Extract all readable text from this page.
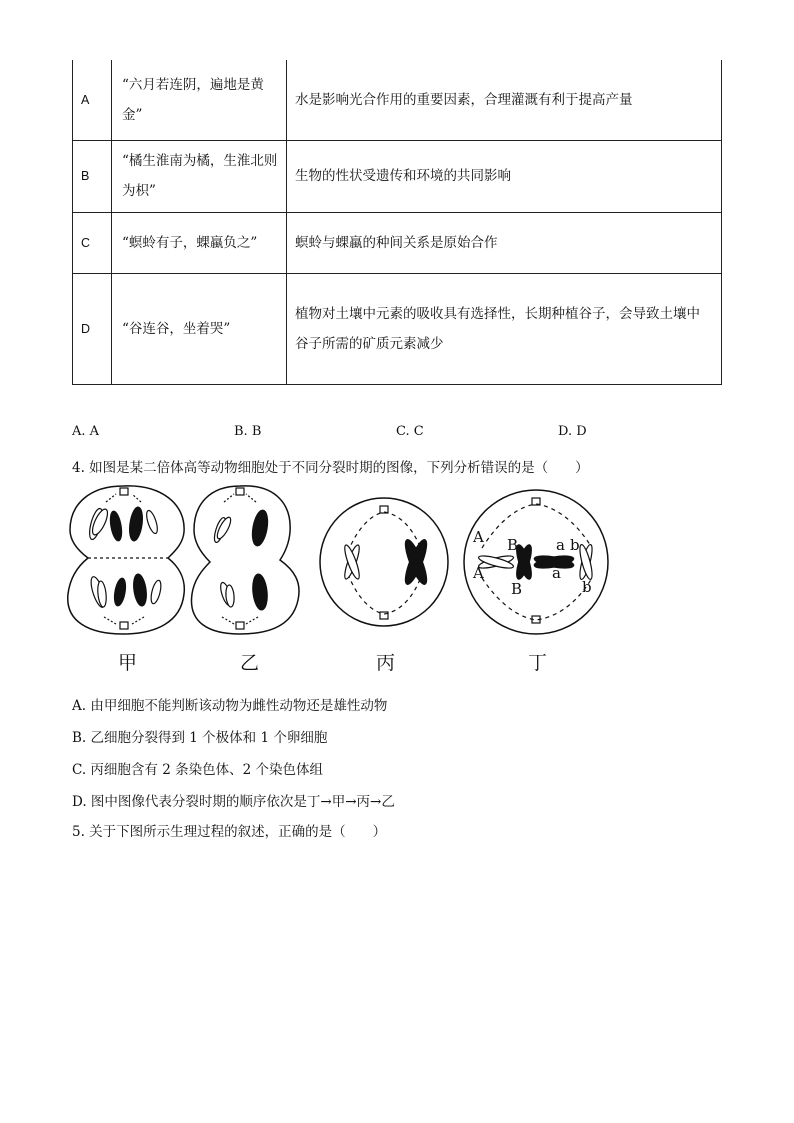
A	“六月若连阴，遍地是黄金”	水是影响光合作用的重要因素，合理灌溉有利于提高产量
B	“橘生淮南为橘，生淮北则为枳”	生物的性状受遗传和环境的共同影响
C	“螟蛉有子，蜾蠃负之”	螟蛉与蜾蠃的种间关系是原始合作
D	“谷连谷，坐着哭”	植物对土壤中元素的吸收具有选择性，长期种植谷子，会导致土壤中谷子所需的矿质元素减少
A. A	B. B	C. C	D. D
4. 如图是某二倍体高等动物细胞处于不同分裂时期的图像，下列分析错误的是（　　）
A
A
B
B
a b
a
b
甲	乙	丙	丁
A. 由甲细胞不能判断该动物为雌性动物还是雄性动物
B. 乙细胞分裂得到 1 个极体和 1 个卵细胞
C. 丙细胞含有 2 条染色体、2 个染色体组
D. 图中图像代表分裂时期的顺序依次是丁→甲→丙→乙
5. 关于下图所示生理过程的叙述，正确的是（　　）
